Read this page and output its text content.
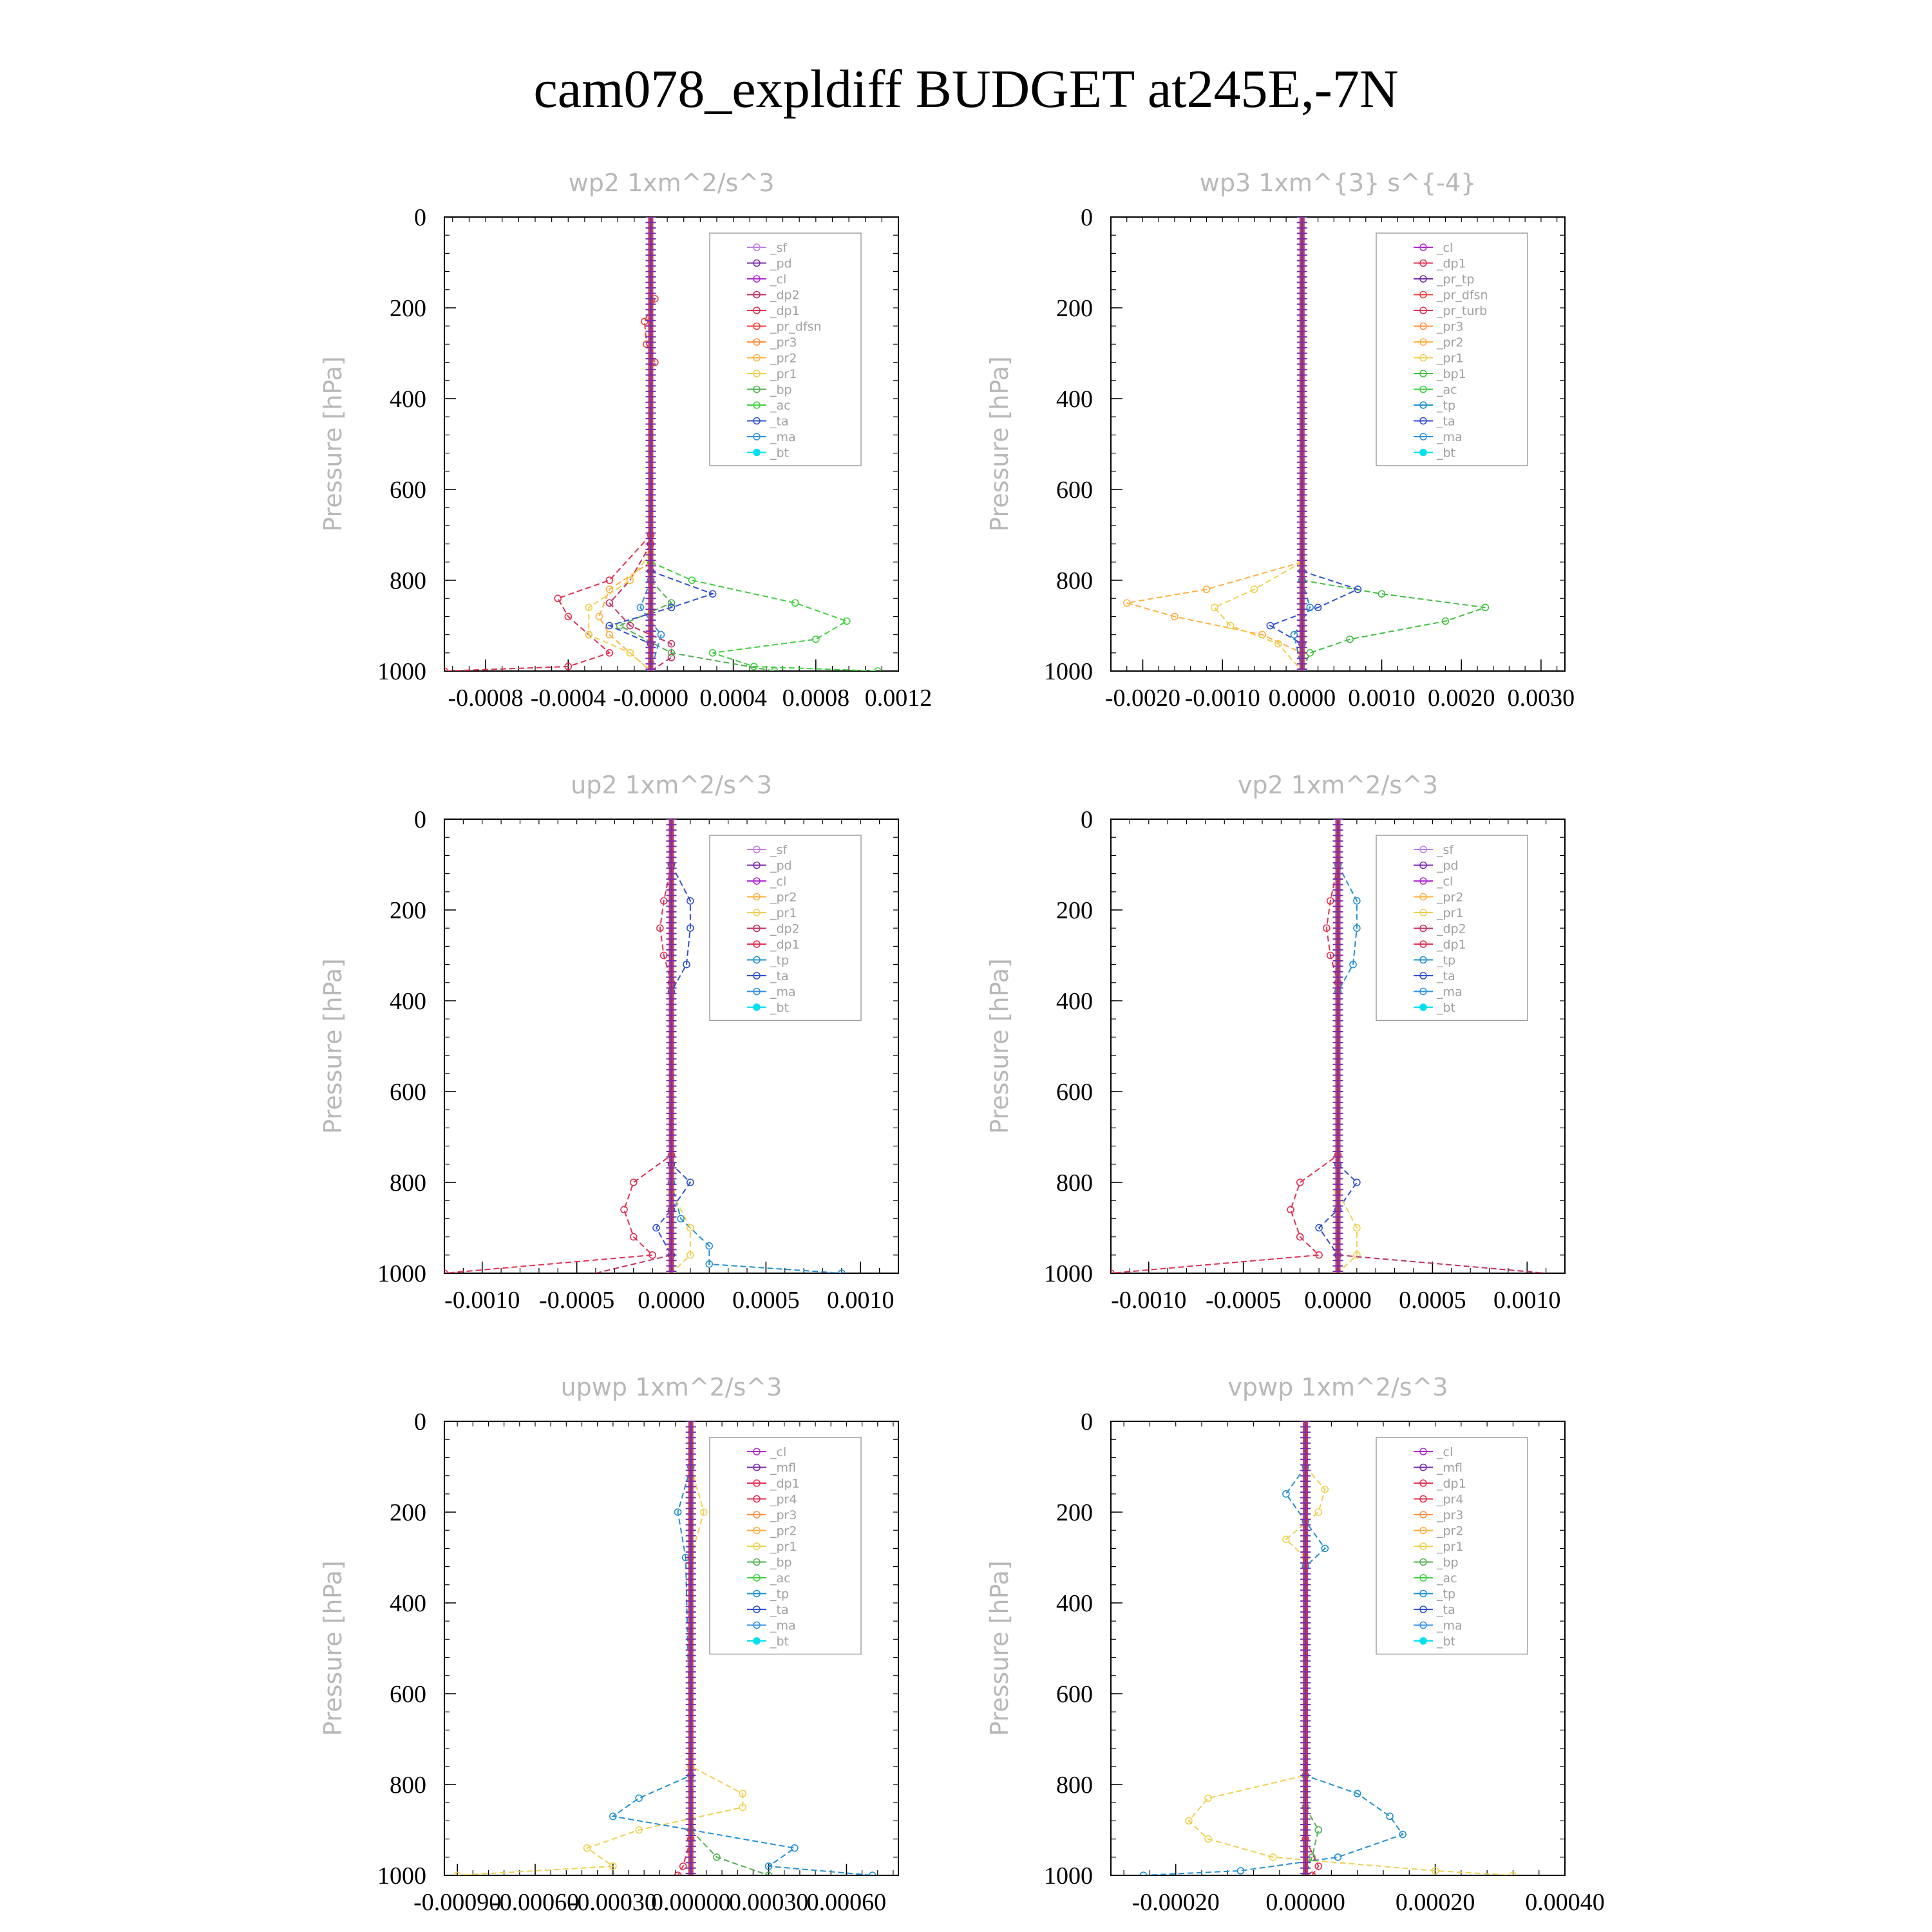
cam078_expldiff BUDGET at245E,-7N
wp2 1xm^2/s^3
Pressure [hPa]
-0.0008 -0.0004 -0.0000 0.0004 0.0008 0.0012
0
200
400
600
800
1000
_sf
_pd
_cl
_dp2
_dp1
_pr_dfsn
_pr3
_pr2
_pr1
_bp
_ac
_ta
_ma
_bt
wp3 1xm^{3} s^{-4}
Pressure [hPa]
-0.0020 -0.0010 0.0000 0.0010 0.0020 0.0030
0
200
400
600
800
1000
_cl
_dp1
_pr_tp
_pr_dfsn
_pr_turb
_pr3
_pr2
_pr1
_bp1
_ac
_tp
_ta
_ma
_bt
up2 1xm^2/s^3
Pressure [hPa]
-0.0010 -0.0005 0.0000 0.0005 0.0010
0
200
400
600
800
1000
_sf
_pd
_cl
_pr2
_pr1
_dp2
_dp1
_tp
_ta
_ma
_bt
vp2 1xm^2/s^3
Pressure [hPa]
-0.0010 -0.0005 0.0000 0.0005 0.0010
0
200
400
600
800
1000
_sf
_pd
_cl
_pr2
_pr1
_dp2
_dp1
_tp
_ta
_ma
_bt
upwp 1xm^2/s^3
Pressure [hPa]
-0.00090
-0.00060
-0.00030
0.00000
0.00030
0.00060
0
200
400
600
800
1000
_cl
_mfl
_dp1
_pr4
_pr3
_pr2
_pr1
_bp
_ac
_tp
_ta
_ma
_bt
vpwp 1xm^2/s^3
Pressure [hPa]
-0.00020 0.00000 0.00020 0.00040
0
200
400
600
800
1000
_cl
_mfl
_dp1
_pr4
_pr3
_pr2
_pr1
_bp
_ac
_tp
_ta
_ma
_bt
